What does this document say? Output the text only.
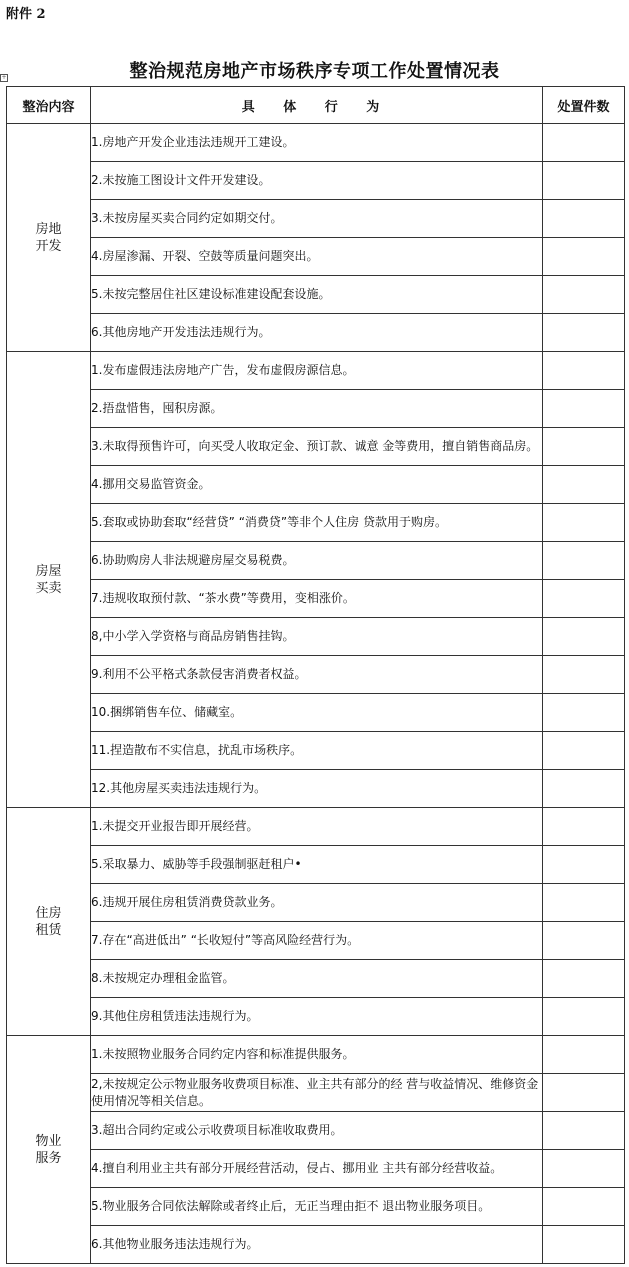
附件 2
+	整治规范房地产市场秩序专项工作处置情况表
整治内容	具 体 行 为	处置件数
房地开发	1.房地产开发企业违法违规开工建设。	
	2.未按施工图设计文件开发建设。	
	3.未按房屋买卖合同约定如期交付。	
	4.房屋渗漏、开裂、空鼓等质量问题突出。	
	5.未按完整居住社区建设标准建设配套设施。	
	6.其他房地产开发违法违规行为。	
房屋买卖	1.发布虚假违法房地产广告，发布虚假房源信息。	
	2.捂盘惜售，囤积房源。	
	3.未取得预售许可，向买受人收取定金、预订款、诚意 金等费用，擅自销售商品房。	
	4.挪用交易监管资金。	
	5.套取或协助套取“经营贷” “消费贷”等非个人住房 贷款用于购房。	
	6.协助购房人非法规避房屋交易税费。	
	7.违规收取预付款、“茶水费”等费用，变相涨价。	
	8,中小学入学资格与商品房销售挂钩。	
	9.利用不公平格式条款侵害消费者权益。	
	10.捆绑销售车位、储藏室。	
	11.捏造散布不实信息，扰乱市场秩序。	
	12.其他房屋买卖违法违规行为。	
住房租赁	1.未提交开业报告即开展经营。	
	5.采取暴力、威胁等手段强制驱赶租户•	
	6.违规开展住房租赁消费贷款业务。	
	7.存在“高进低出” “长收短付”等高风险经营行为。	
	8.未按规定办理租金监管。	
	9.其他住房租赁违法违规行为。	
物业服务	1.未按照物业服务合同约定内容和标准提供服务。	
	2,未按规定公示物业服务收费项目标准、业主共有部分的经 营与收益情况、维修资金使用情况等相关信息。	
	3.超出合同约定或公示收费项目标准收取费用。	
	4.擅自利用业主共有部分开展经营活动，侵占、挪用业 主共有部分经营收益。	
	5.物业服务合同依法解除或者终止后，无正当理由拒不 退出物业服务项目。	
	6.其他物业服务违法违规行为。	
